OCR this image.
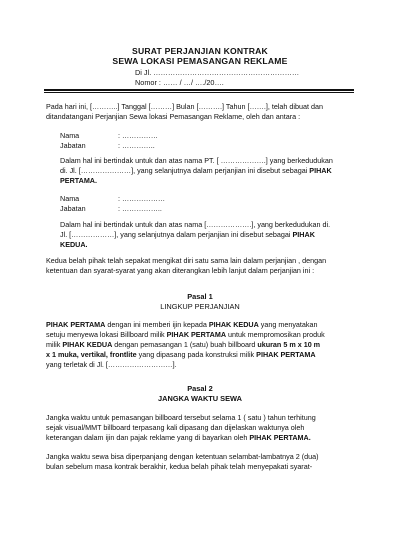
SURAT PERJANJIAN KONTRAK
SEWA LOKASI PEMASANGAN REKLAME
Di Jl. ……………………………………………………
Nomor : …… / …/ …./20….
Pada hari ini, [………..] Tanggal [………] Bulan [……….] Tahun […….], telah dibuat dan
ditandatangani Perjanjian Sewa lokasi Pemasangan Reklame, oleh dan antara :
Nama	: ……………
Jabatan	: …………..
Dalam hal ini bertindak untuk dan atas nama PT. [ ……………….] yang berkedudukan
di. Jl. […………………], yang selanjutnya dalam perjanjian ini disebut sebagai PIHAK
PERTAMA.
Nama	: ………………
Jabatan	: ……………..
Dalam hal ini bertindak untuk dan atas nama [……………….], yang berkedudukan di.
Jl. [………………], yang selanjutnya dalam perjanjian ini disebut sebagai PIHAK
KEDUA.
Kedua belah pihak telah sepakat mengikat diri satu sama lain dalam perjanjian , dengan
ketentuan dan syarat-syarat yang akan diterangkan lebih lanjut dalam perjanjian ini :
Pasal 1
LINGKUP PERJANJIAN
PIHAK PERTAMA dengan ini memberi ijin kepada PIHAK KEDUA yang menyatakan
setuju menyewa lokasi Billboard milik PIHAK PERTAMA untuk mempromosikan produk
milik PIHAK KEDUA dengan pemasangan 1 (satu) buah billboard ukuran 5 m x 10 m
x 1 muka, vertikal, frontlite yang dipasang pada konstruksi milik PIHAK PERTAMA
yang terletak di Jl. [………………………].
Pasal 2
JANGKA WAKTU SEWA
Jangka waktu untuk pemasangan billboard tersebut selama 1 ( satu ) tahun terhitung
sejak visual/MMT billboard terpasang kali dipasang dan dijelaskan waktunya oleh
keterangan dalam ijin dan pajak reklame yang di bayarkan oleh PIHAK PERTAMA.
Jangka waktu sewa bisa diperpanjang dengan ketentuan selambat-lambatnya 2 (dua)
bulan sebelum masa kontrak berakhir, kedua belah pihak telah menyepakati syarat-
